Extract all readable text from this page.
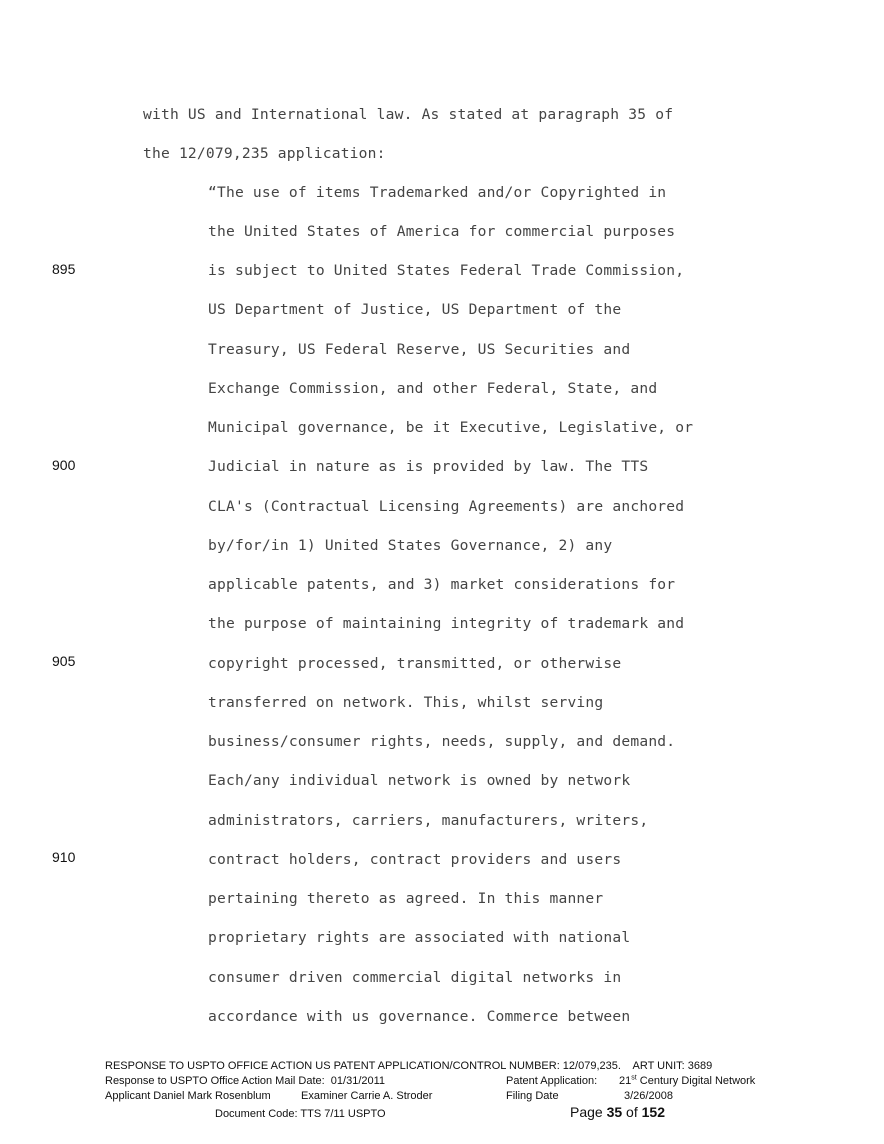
with US and International law. As stated at paragraph 35 of
the 12/079,235 application:
“The use of items Trademarked and/or Copyrighted in
the United States of America for commercial purposes
is subject to United States Federal Trade Commission,
US Department of Justice, US Department of the
Treasury, US Federal Reserve, US Securities and
Exchange Commission, and other Federal, State, and
Municipal governance, be it Executive, Legislative, or
Judicial in nature as is provided by law. The TTS
CLA's (Contractual Licensing Agreements) are anchored
by/for/in 1) United States Governance, 2) any
applicable patents, and 3) market considerations for
the purpose of maintaining integrity of trademark and
copyright processed, transmitted, or otherwise
transferred on network. This, whilst serving
business/consumer rights, needs, supply, and demand.
Each/any individual network is owned by network
administrators, carriers, manufacturers, writers,
contract holders, contract providers and users
pertaining thereto as agreed. In this manner
proprietary rights are associated with national
consumer driven commercial digital networks in
accordance with us governance. Commerce between
895
900
905
910
RESPONSE TO USPTO OFFICE ACTION US PATENT APPLICATION/CONTROL NUMBER: 12/079,235.    ART UNIT: 3689
Response to USPTO Office Action Mail Date:  01/31/2011	Patent Application: 21st Century Digital Network
Applicant Daniel Mark Rosenblum	Examiner Carrie A. Stroder	Filing Date	3/26/2008
Document Code: TTS 7/11 USPTO	Page 35 of 152
